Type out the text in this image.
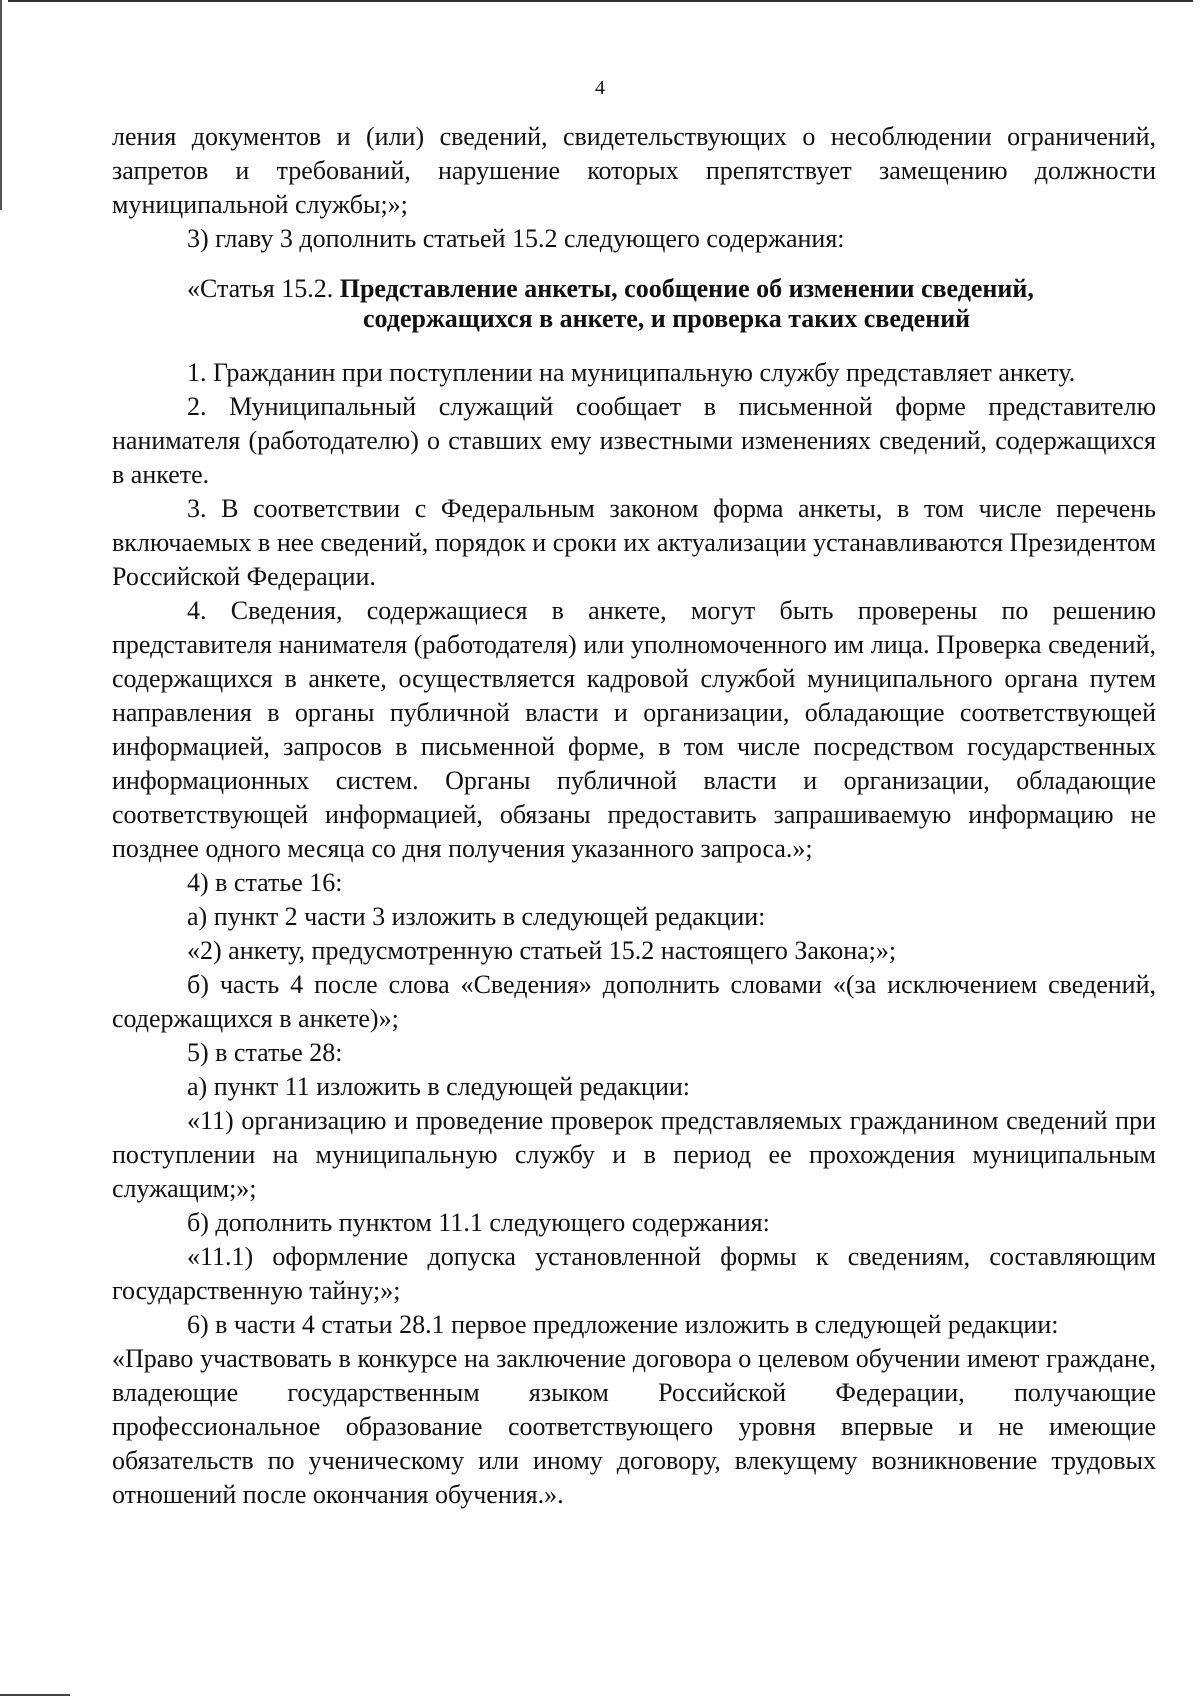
4

ления документов и (или) сведений, свидетельствующих о несоблюдении ограничений, запретов и требований, нарушение которых препятствует замещению должности муниципальной службы;»;

3) главу 3 дополнить статьей 15.2 следующего содержания:

«Статья 15.2. Представление анкеты, сообщение об изменении сведений,
содержащихся в анкете, и проверка таких сведений

1. Гражданин при поступлении на муниципальную службу представляет анкету.

2. Муниципальный служащий сообщает в письменной форме представителю нанимателя (работодателю) о ставших ему известными изменениях сведений, содержащихся в анкете.

3. В соответствии с Федеральным законом форма анкеты, в том числе перечень включаемых в нее сведений, порядок и сроки их актуализации устанавливаются Президентом Российской Федерации.

4. Сведения, содержащиеся в анкете, могут быть проверены по решению представителя нанимателя (работодателя) или уполномоченного им лица. Проверка сведений, содержащихся в анкете, осуществляется кадровой службой муниципального органа путем направления в органы публичной власти и организации, обладающие соответствующей информацией, запросов в письменной форме, в том числе посредством государственных информационных систем. Органы публичной власти и организации, обладающие соответствующей информацией, обязаны предоставить запрашиваемую информацию не позднее одного месяца со дня получения указанного запроса.»;

4) в статье 16:

а) пункт 2 части 3 изложить в следующей редакции:

«2) анкету, предусмотренную статьей 15.2 настоящего Закона;»;

б) часть 4 после слова «Сведения» дополнить словами «(за исключением сведений, содержащихся в анкете)»;

5) в статье 28:

а) пункт 11 изложить в следующей редакции:

«11) организацию и проведение проверок представляемых гражданином сведений при поступлении на муниципальную службу и в период ее прохождения муниципальным служащим;»;

б) дополнить пунктом 11.1 следующего содержания:

«11.1) оформление допуска установленной формы к сведениям, составляющим государственную тайну;»;

6) в части 4 статьи 28.1 первое предложение изложить в следующей редакции:

«Право участвовать в конкурсе на заключение договора о целевом обучении имеют граждане, владеющие государственным языком Российской Федерации, получающие профессиональное образование соответствующего уровня впервые и не имеющие обязательств по ученическому или иному договору, влекущему возникновение трудовых отношений после окончания обучения.».
